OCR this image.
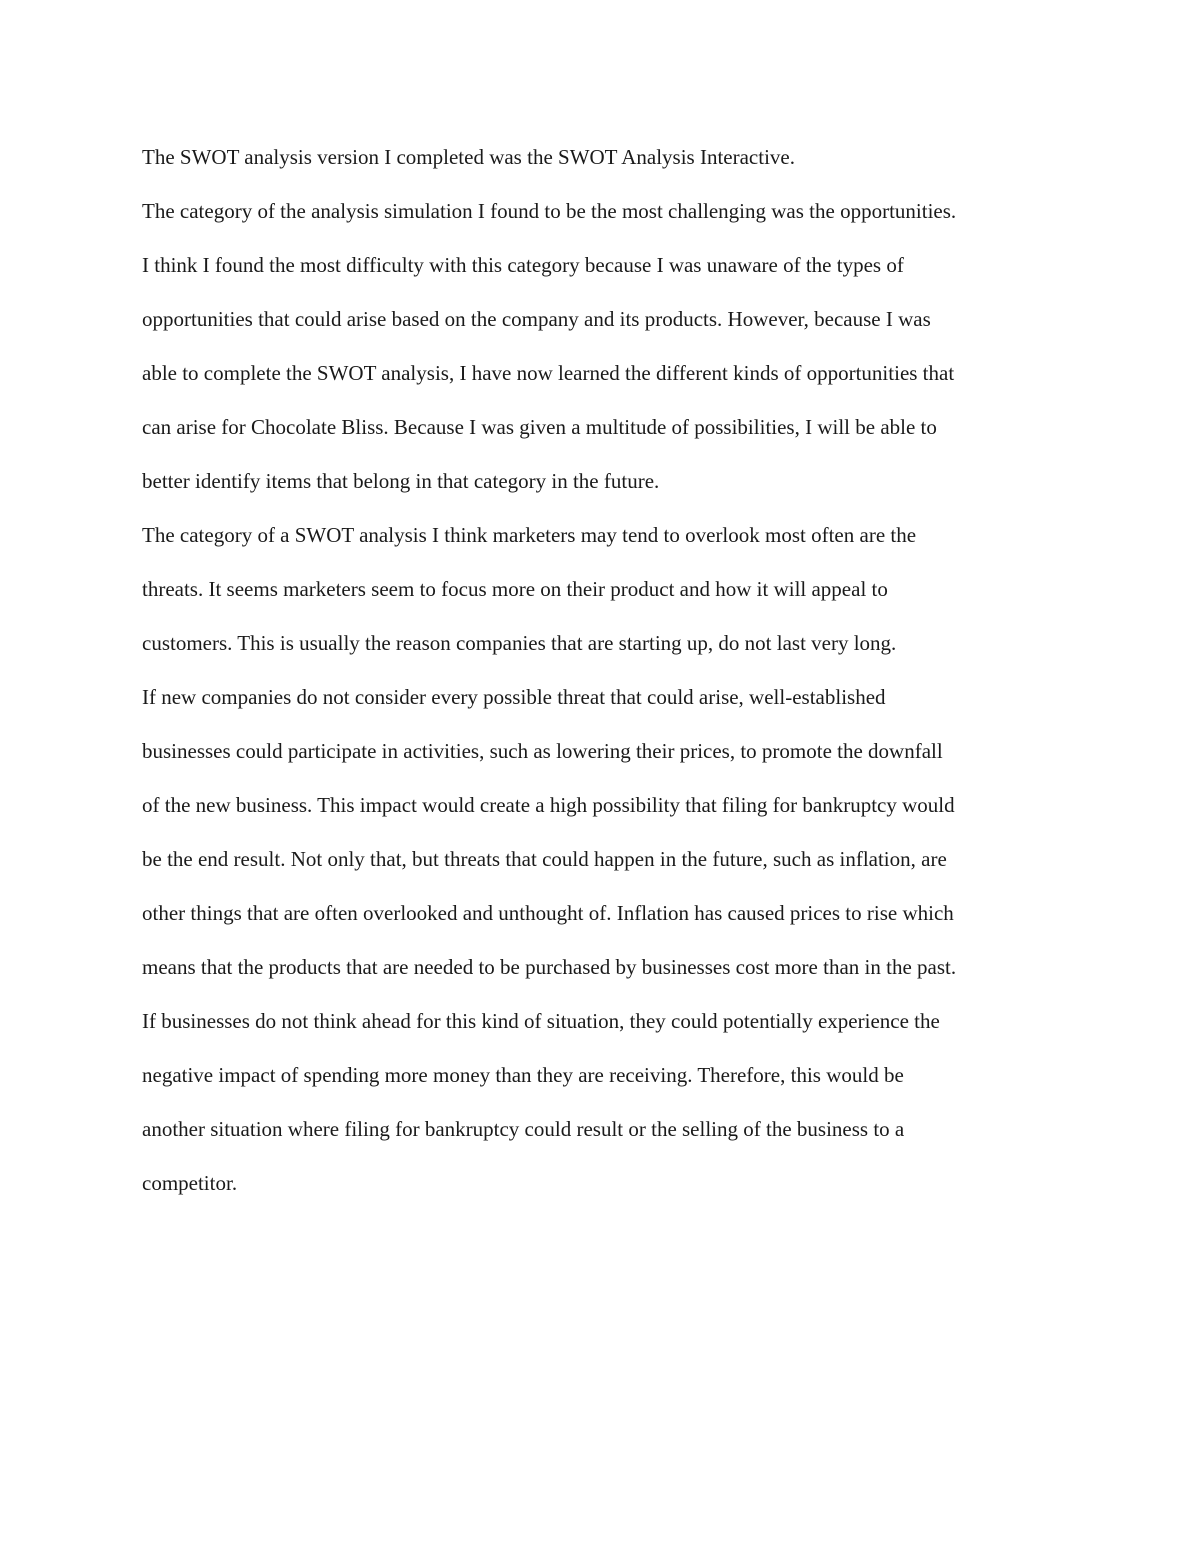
The SWOT analysis version I completed was the SWOT Analysis Interactive.

The category of the analysis simulation I found to be the most challenging was the opportunities.

I think I found the most difficulty with this category because I was unaware of the types of

opportunities that could arise based on the company and its products. However, because I was

able to complete the SWOT analysis, I have now learned the different kinds of opportunities that

can arise for Chocolate Bliss. Because I was given a multitude of possibilities, I will be able to

better identify items that belong in that category in the future.

The category of a SWOT analysis I think marketers may tend to overlook most often are the

threats. It seems marketers seem to focus more on their product and how it will appeal to

customers. This is usually the reason companies that are starting up, do not last very long.

If new companies do not consider every possible threat that could arise, well-established

businesses could participate in activities, such as lowering their prices, to promote the downfall

of the new business. This impact would create a high possibility that filing for bankruptcy would

be the end result. Not only that, but threats that could happen in the future, such as inflation, are

other things that are often overlooked and unthought of. Inflation has caused prices to rise which

means that the products that are needed to be purchased by businesses cost more than in the past.

If businesses do not think ahead for this kind of situation, they could potentially experience the

negative impact of spending more money than they are receiving. Therefore, this would be

another situation where filing for bankruptcy could result or the selling of the business to a

competitor.
